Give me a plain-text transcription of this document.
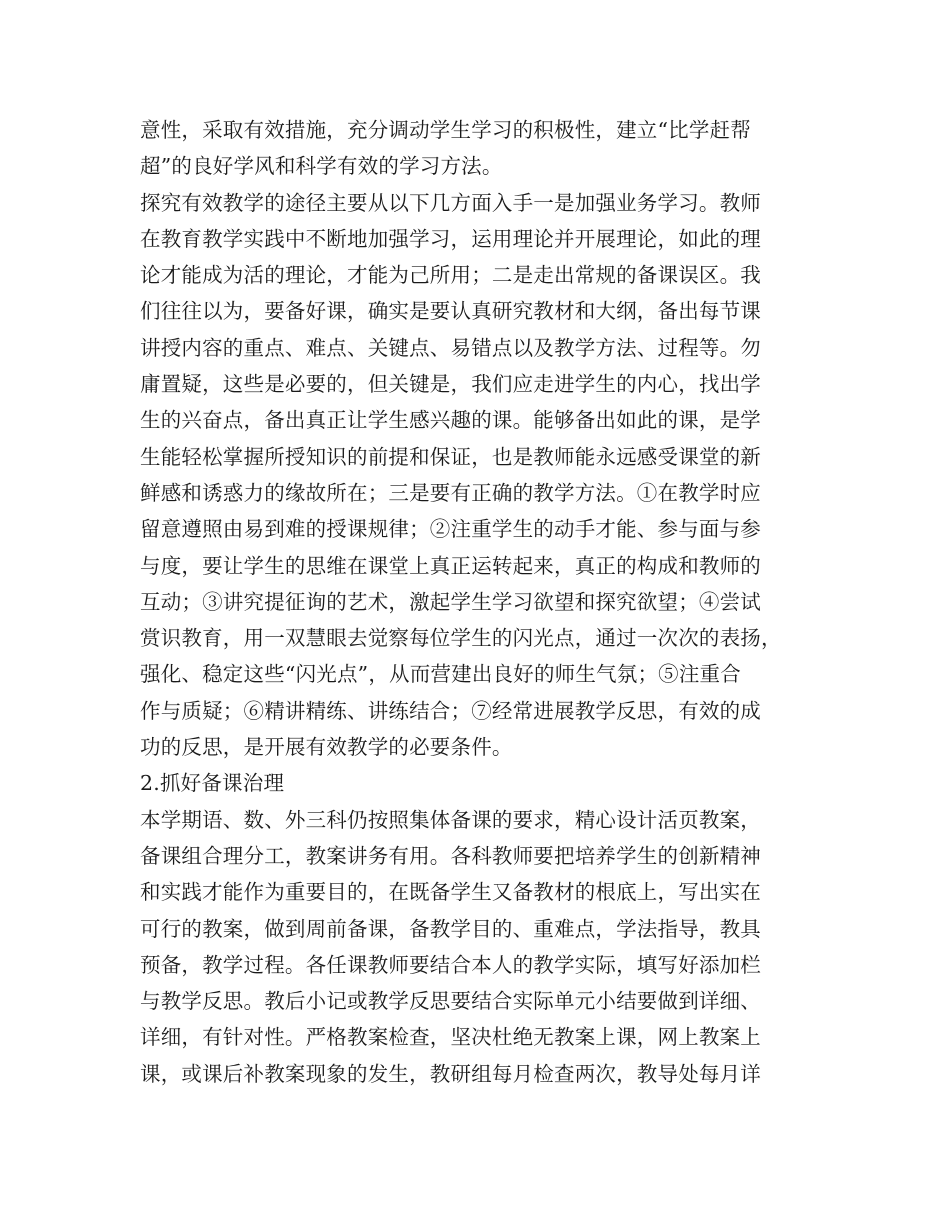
意性，采取有效措施，充分调动学生学习的积极性，建立“比学赶帮
超”的良好学风和科学有效的学习方法。
探究有效教学的途径主要从以下几方面入手一是加强业务学习。教师
在教育教学实践中不断地加强学习，运用理论并开展理论，如此的理
论才能成为活的理论，才能为己所用；二是走出常规的备课误区。我
们往往以为，要备好课，确实是要认真研究教材和大纲，备出每节课
讲授内容的重点、难点、关键点、易错点以及教学方法、过程等。勿
庸置疑，这些是必要的，但关键是，我们应走进学生的内心，找出学
生的兴奋点，备出真正让学生感兴趣的课。能够备出如此的课，是学
生能轻松掌握所授知识的前提和保证，也是教师能永远感受课堂的新
鲜感和诱惑力的缘故所在；三是要有正确的教学方法。①在教学时应
留意遵照由易到难的授课规律；②注重学生的动手才能、参与面与参
与度，要让学生的思维在课堂上真正运转起来，真正的构成和教师的
互动；③讲究提征询的艺术，激起学生学习欲望和探究欲望；④尝试
赏识教育，用一双慧眼去觉察每位学生的闪光点，通过一次次的表扬，
强化、稳定这些“闪光点”，从而营建出良好的师生气氛；⑤注重合
作与质疑；⑥精讲精练、讲练结合；⑦经常进展教学反思，有效的成
功的反思，是开展有效教学的必要条件。
2.抓好备课治理
本学期语、数、外三科仍按照集体备课的要求，精心设计活页教案，
备课组合理分工，教案讲务有用。各科教师要把培养学生的创新精神
和实践才能作为重要目的，在既备学生又备教材的根底上，写出实在
可行的教案，做到周前备课，备教学目的、重难点，学法指导，教具
预备，教学过程。各任课教师要结合本人的教学实际，填写好添加栏
与教学反思。教后小记或教学反思要结合实际单元小结要做到详细、
详细，有针对性。严格教案检查，坚决杜绝无教案上课，网上教案上
课，或课后补教案现象的发生，教研组每月检查两次，教导处每月详
